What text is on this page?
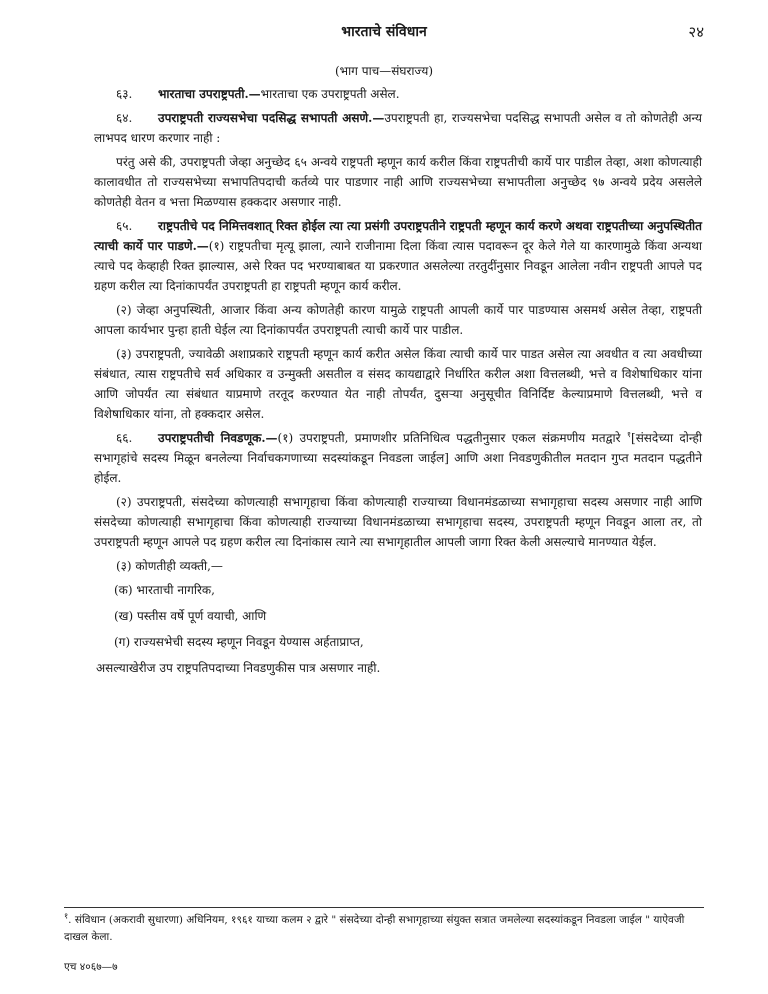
भारताचे संविधान	२४
(भाग पाच—संघराज्य)

६३. भारताचा उपराष्ट्रपती.—भारताचा एक उपराष्ट्रपती असेल.

६४. उपराष्ट्रपती राज्यसभेचा पदसिद्ध सभापती असणे.—उपराष्ट्रपती हा, राज्यसभेचा पदसिद्ध सभापती असेल व तो कोणतेही अन्य लाभपद धारण करणार नाही :

परंतु असे की, उपराष्ट्रपती जेव्हा अनुच्छेद ६५ अन्वये राष्ट्रपती म्हणून कार्य करील किंवा राष्ट्रपतीची कार्ये पार पाडील तेव्हा, अशा कोणत्याही कालावधीत तो राज्यसभेच्या सभापतिपदाची कर्तव्ये पार पाडणार नाही आणि राज्यसभेच्या सभापतीला अनुच्छेद ९७ अन्वये प्रदेय असलेले कोणतेही वेतन व भत्ता मिळण्यास हक्कदार असणार नाही.

६५. राष्ट्रपतीचे पद निमित्तवशात् रिक्त होईल त्या त्या प्रसंगी उपराष्ट्रपतीने राष्ट्रपती म्हणून कार्य करणे अथवा राष्ट्रपतीच्या अनुपस्थितीत त्याची कार्ये पार पाडणे.—(१) राष्ट्रपतीचा मृत्यू झाला, त्याने राजीनामा दिला किंवा त्यास पदावरून दूर केले गेले या कारणामुळे किंवा अन्यथा त्याचे पद केव्हाही रिक्त झाल्यास, असे रिक्त पद भरण्याबाबत या प्रकरणात असलेल्या तरतुदींनुसार निवडून आलेला नवीन राष्ट्रपती आपले पद ग्रहण करील त्या दिनांकापर्यंत उपराष्ट्रपती हा राष्ट्रपती म्हणून कार्य करील.

(२) जेव्हा अनुपस्थिती, आजार किंवा अन्य कोणतेही कारण यामुळे राष्ट्रपती आपली कार्ये पार पाडण्यास असमर्थ असेल तेव्हा, राष्ट्रपती आपला कार्यभार पुन्हा हाती घेईल त्या दिनांकापर्यंत उपराष्ट्रपती त्याची कार्ये पार पाडील.

(३) उपराष्ट्रपती, ज्यावेळी अशाप्रकारे राष्ट्रपती म्हणून कार्य करीत असेल किंवा त्याची कार्ये पार पाडत असेल त्या अवधीत व त्या अवधीच्या संबंधात, त्यास राष्ट्रपतीचे सर्व अधिकार व उन्मुक्ती असतील व संसद कायद्याद्वारे निर्धारित करील अशा वित्तलब्धी, भत्ते व विशेषाधिकार यांना आणि जोपर्यंत त्या संबंधात याप्रमाणे तरतूद करण्यात येत नाही तोपर्यंत, दुसऱ्या अनुसूचीत विनिर्दिष्ट केल्याप्रमाणे वित्तलब्धी, भत्ते व विशेषाधिकार यांना, तो हक्कदार असेल.

६६. उपराष्ट्रपतीची निवडणूक.—(१) उपराष्ट्रपती, प्रमाणशीर प्रतिनिधित्व पद्धतीनुसार एकल संक्रमणीय मतद्वारे $^१$[संसदेच्या दोन्ही सभागृहांचे सदस्य मिळून बनलेल्या निर्वाचकगणाच्या सदस्यांकडून निवडला जाईल] आणि अशा निवडणुकीतील मतदान गुप्त मतदान पद्धतीने होईल.

(२) उपराष्ट्रपती, संसदेच्या कोणत्याही सभागृहाचा किंवा कोणत्याही राज्याच्या विधानमंडळाच्या सभागृहाचा सदस्य असणार नाही आणि संसदेच्या कोणत्याही सभागृहाचा किंवा कोणत्याही राज्याच्या विधानमंडळाच्या सभागृहाचा सदस्य, उपराष्ट्रपती म्हणून निवडून आला तर, तो उपराष्ट्रपती म्हणून आपले पद ग्रहण करील त्या दिनांकास त्याने त्या सभागृहातील आपली जागा रिक्त केली असल्याचे मानण्यात येईल.

(३) कोणतीही व्यक्ती,—

(क) भारताची नागरिक,
(ख) पस्तीस वर्षे पूर्ण वयाची, आणि
(ग) राज्यसभेची सदस्य म्हणून निवडून येण्यास अर्हताप्राप्त,
असल्याखेरीज उप राष्ट्रपतिपदाच्या निवडणुकीस पात्र असणार नाही.
$^१$. संविधान (अकरावी सुधारणा) अधिनियम, १९६१ याच्या कलम २ द्वारे " संसदेच्या दोन्ही सभागृहाच्या संयुक्त सत्रात जमलेल्या सदस्यांकडून निवडला जाईल " याऐवजी दाखल केला.
एच ४०६७—७
